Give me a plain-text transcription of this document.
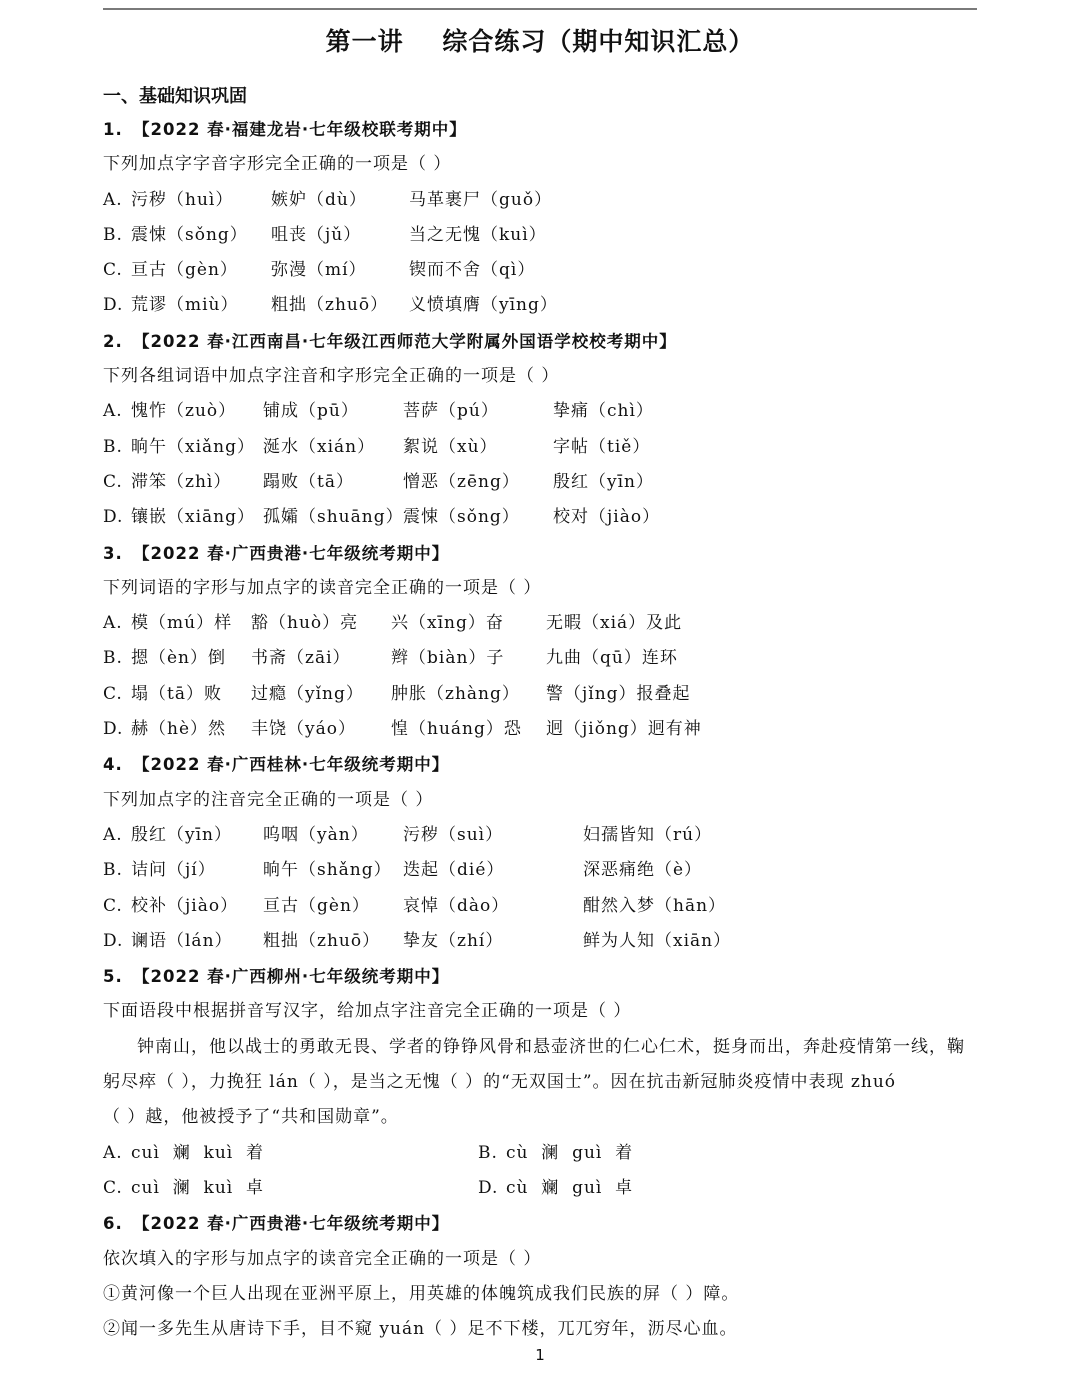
第一讲    综合练习（期中知识汇总）
一、基础知识巩固
1. 【2022 春·福建龙岩·七年级校联考期中】
下列加点字字音字形完全正确的一项是（ ）
A. 污秽（huì） 嫉妒（dù） 马革裹尸（guǒ）
B. 震悚（sǒng） 咀丧（jǔ）	当之无愧（kuì）
C. 亘古（gèn） 弥漫（mí） 锲而不舍（qì）
D. 荒谬（miù） 粗拙（zhuō） 义愤填膺（yīng）
2. 【2022 春·江西南昌·七年级江西师范大学附属外国语学校校考期中】
下列各组词语中加点字注音和字形完全正确的一项是（ ）
A. 愧怍（zuò） 铺成（pū）	菩萨（pú）	挚痛（chì）
B. 晌午（xiǎng） 涎水（xián） 絮说（xù）	字帖（tiě）
C. 滞笨（zhì） 蹋败（tā）	憎恶（zēng） 殷红（yīn）
D. 镶嵌（xiāng） 孤孀（shuāng）震悚（sǒng） 校对（jiào）
3. 【2022 春·广西贵港·七年级统考期中】
下列词语的字形与加点字的读音完全正确的一项是（ ）
A. 模（mú）样 豁（huò）亮 兴（xīng）奋 无暇（xiá）及此
B. 摁（èn）倒 书斋（zāi） 辫（biàn）子 九曲（qū）连环
C. 塌（tā）败 过瘾（yǐng） 肿胀（zhàng） 警（jǐng）报叠起
D. 赫（hè）然 丰饶（yáo） 惶（huáng）恐 迥（jiǒng）迥有神
4. 【2022 春·广西桂林·七年级统考期中】
下列加点字的注音完全正确的一项是（ ）
A. 殷红（yīn） 呜咽（yàn） 污秽（suì）	妇孺皆知（rú）
B. 诘问（jí）	晌午（shǎng） 迭起（dié）	深恶痛绝（è）
C. 校补（jiào） 亘古（gèn） 哀悼（dào）	酣然入梦（hān）
D. 谰语（lán） 粗拙（zhuō） 挚友（zhí）	鲜为人知（xiān）
5. 【2022 春·广西柳州·七年级统考期中】
下面语段中根据拼音写汉字，给加点字注音完全正确的一项是（ ）
钟南山，他以战士的勇敢无畏、学者的铮铮风骨和悬壶济世的仁心仁术，挺身而出，奔赴疫情第一线，鞠
躬尽瘁（ ），力挽狂 lán（ ），是当之无愧（ ）的“无双国士”。因在抗击新冠肺炎疫情中表现 zhuó
（ ）越，他被授予了“共和国勋章”。
A. cuì  斓  kuì  着	B. cù  澜  guì  着
C. cuì  澜  kuì  卓	D. cù  斓  guì  卓
6. 【2022 春·广西贵港·七年级统考期中】
依次填入的字形与加点字的读音完全正确的一项是（ ）
①黄河像一个巨人出现在亚洲平原上，用英雄的体魄筑成我们民族的屏（ ）障。
②闻一多先生从唐诗下手，目不窥 yuán（ ）足不下楼，兀兀穷年，沥尽心血。
1
